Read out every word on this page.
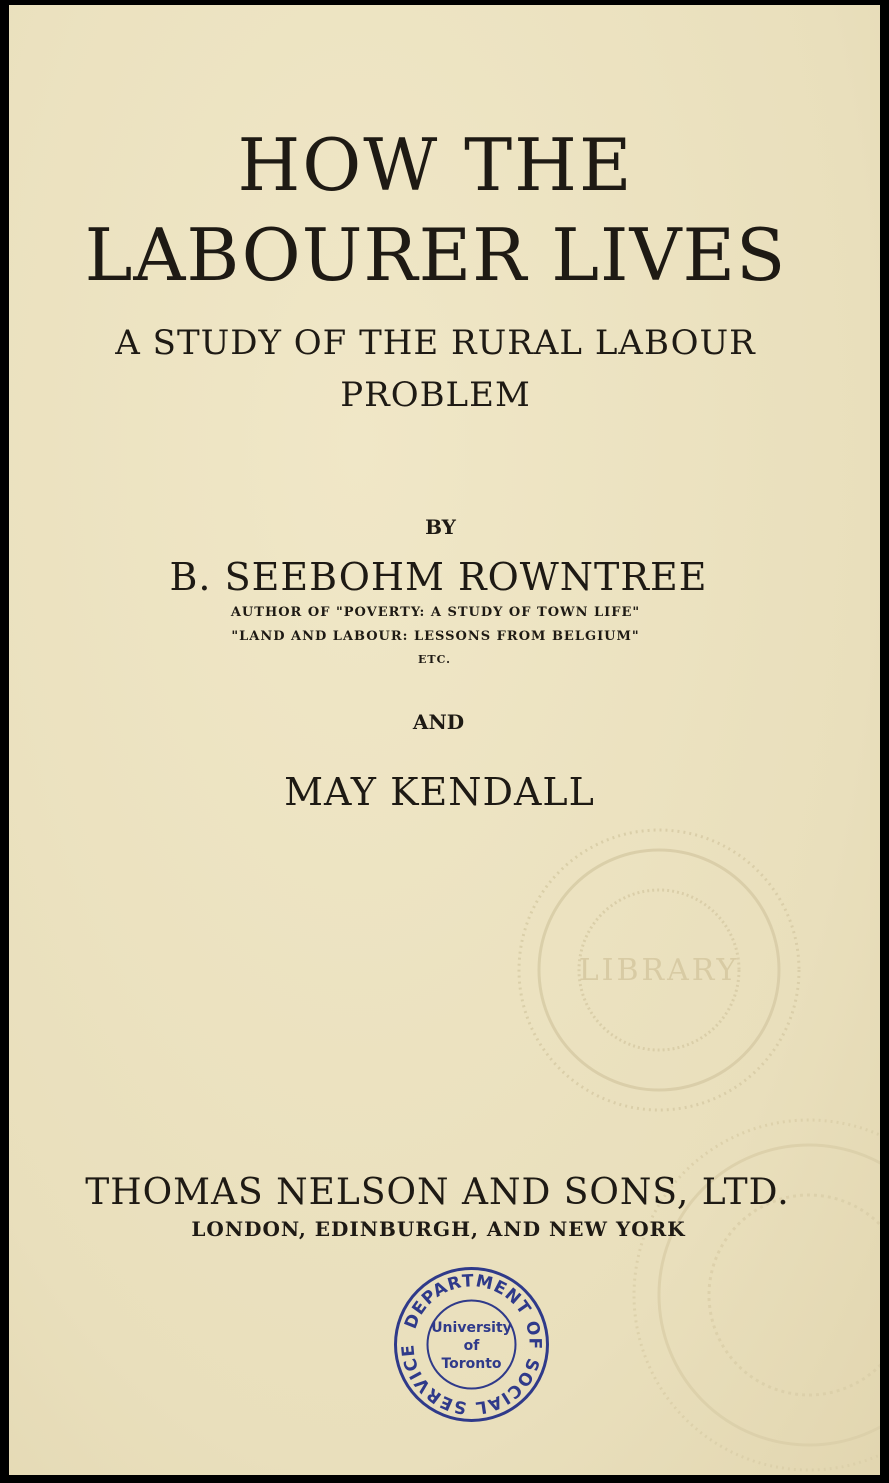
LIBRARY
HOW THE
LABOURER LIVES
A STUDY OF THE RURAL LABOUR
PROBLEM
BY
B. SEEBOHM ROWNTREE
AUTHOR OF "POVERTY: A STUDY OF TOWN LIFE"
"LAND AND LABOUR: LESSONS FROM BELGIUM"
ETC.
AND
MAY KENDALL
THOMAS NELSON AND SONS, LTD.
LONDON, EDINBURGH, AND NEW YORK
DEPARTMENT OF SOCIAL SERVICE
University
of
Toronto
